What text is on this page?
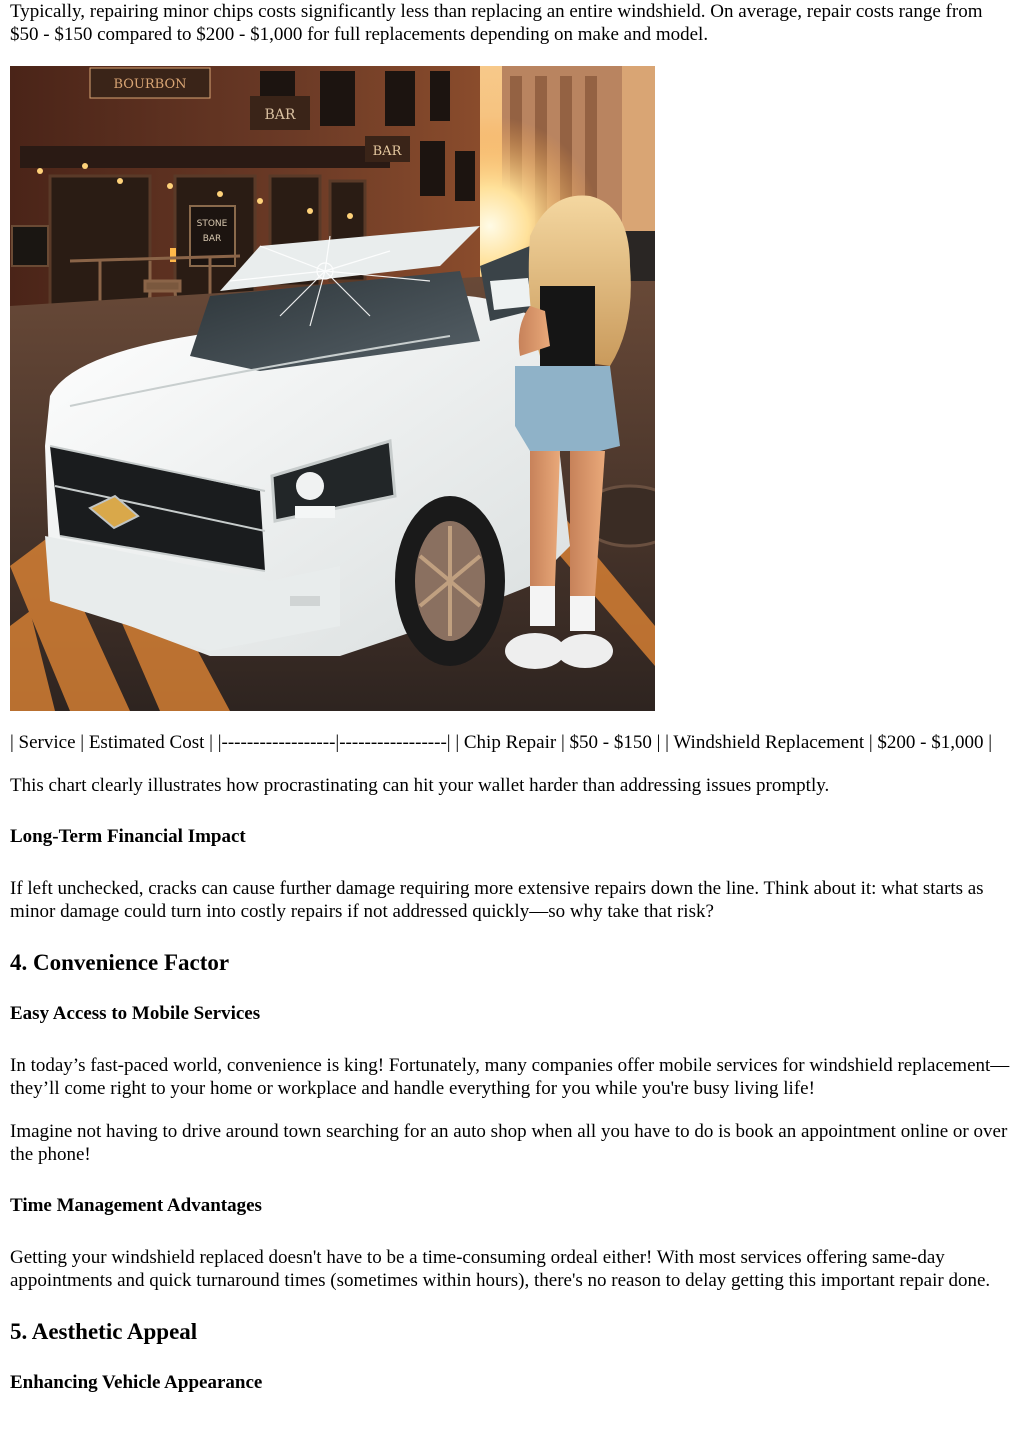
Typically, repairing minor chips costs significantly less than replacing an entire windshield. On average, repair costs range from $50 - $150 compared to $200 - $1,000 for full replacements depending on make and model.

BOURBON
BAR
BAR
STONE
BAR

| Service | Estimated Cost | |------------------|-----------------| | Chip Repair | $50 - $150 | | Windshield Replacement | $200 - $1,000 |

This chart clearly illustrates how procrastinating can hit your wallet harder than addressing issues promptly.

Long-Term Financial Impact

If left unchecked, cracks can cause further damage requiring more extensive repairs down the line. Think about it: what starts as minor damage could turn into costly repairs if not addressed quickly—so why take that risk?

4. Convenience Factor
Easy Access to Mobile Services

In today’s fast-paced world, convenience is king! Fortunately, many companies offer mobile services for windshield replacement—they’ll come right to your home or workplace and handle everything for you while you're busy living life!

Imagine not having to drive around town searching for an auto shop when all you have to do is book an appointment online or over the phone!

Time Management Advantages

Getting your windshield replaced doesn't have to be a time-consuming ordeal either! With most services offering same-day appointments and quick turnaround times (sometimes within hours), there's no reason to delay getting this important repair done.

5. Aesthetic Appeal
Enhancing Vehicle Appearance
